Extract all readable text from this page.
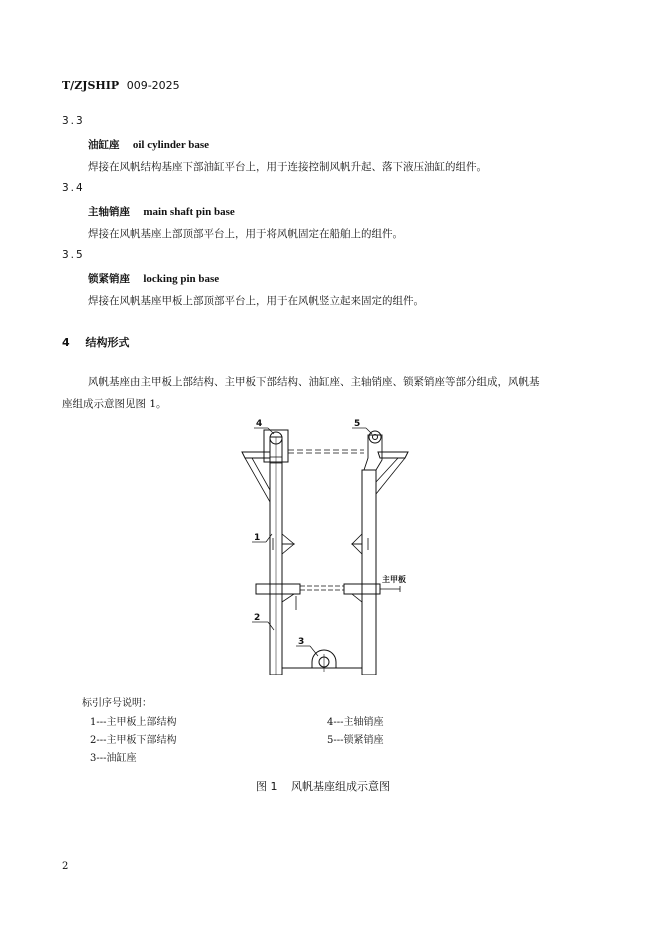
T/ZJSHIP 009-2025
3.3
油缸座 oil cylinder base
焊接在风帆结构基座下部油缸平台上，用于连接控制风帆升起、落下液压油缸的组件。
3.4
主轴销座 main shaft pin base
焊接在风帆基座上部顶部平台上，用于将风帆固定在船舶上的组件。
3.5
锁紧销座 locking pin base
焊接在风帆基座甲板上部顶部平台上，用于在风帆竖立起来固定的组件。
4 结构形式
风帆基座由主甲板上部结构、主甲板下部结构、油缸座、主轴销座、锁紧销座等部分组成，风帆基
座组成示意图见图 1。
4	5
1
2
3
主甲板
标引序号说明：
1---主甲板上部结构
2---主甲板下部结构
3---油缸座
4---主轴销座
5---锁紧销座
图 1 风帆基座组成示意图
2
